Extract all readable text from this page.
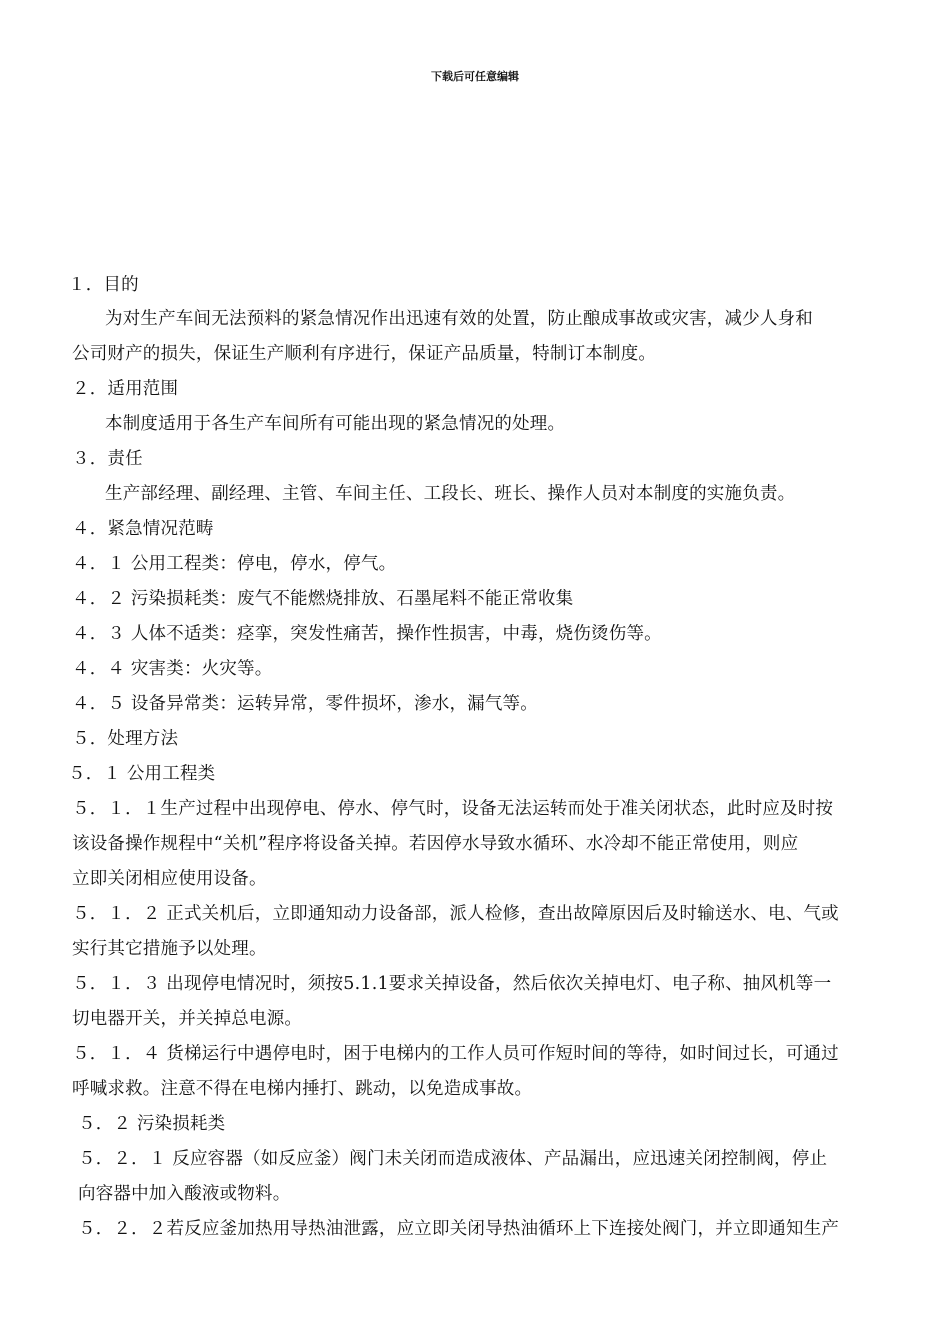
下载后可任意编辑
１．目的
为对生产车间无法预料的紧急情况作出迅速有效的处置，防止酿成事故或灾害，减少人身和
公司财产的损失，保证生产顺利有序进行，保证产品质量，特制订本制度。
２．适用范围
本制度适用于各生产车间所有可能出现的紧急情况的处理。
３．责任
生产部经理、副经理、主管、车间主任、工段长、班长、操作人员对本制度的实施负责。
４．紧急情况范畴
４．１ 公用工程类：停电，停水，停气。
４．２ 污染损耗类：废气不能燃烧排放、石墨尾料不能正常收集
４．３ 人体不适类：痉挛，突发性痛苦，操作性损害，中毒，烧伤烫伤等。
４．４ 灾害类：火灾等。
４．５ 设备异常类：运转异常，零件损坏，渗水，漏气等。
５．处理方法
５．１ 公用工程类
５．１．１生产过程中出现停电、停水、停气时，设备无法运转而处于准关闭状态，此时应及时按
该设备操作规程中“关机”程序将设备关掉。若因停水导致水循环、水冷却不能正常使用，则应
立即关闭相应使用设备。
５．１．２ 正式关机后，立即通知动力设备部，派人检修，查出故障原因后及时输送水、电、气或
实行其它措施予以处理。
５．１．３ 出现停电情况时，须按5.1.1要求关掉设备，然后依次关掉电灯、电子称、抽风机等一
切电器开关，并关掉总电源。
５．１．４ 货梯运行中遇停电时，困于电梯内的工作人员可作短时间的等待，如时间过长，可通过
呼喊求救。注意不得在电梯内捶打、跳动，以免造成事故。
５．２ 污染损耗类
５．２．１ 反应容器（如反应釜）阀门未关闭而造成液体、产品漏出，应迅速关闭控制阀，停止
向容器中加入酸液或物料。
５．２．２若反应釜加热用导热油泄露，应立即关闭导热油循环上下连接处阀门，并立即通知生产
